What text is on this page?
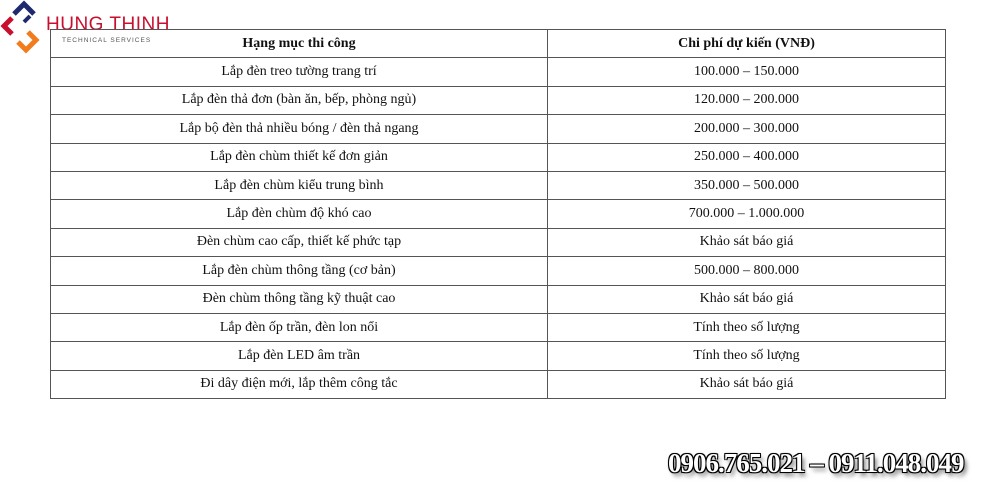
HUNG THINH
TECHNICAL SERVICES	Hạng mục thi công	Chi phí dự kiến (VNĐ)
Lắp đèn treo tường trang trí	100.000 – 150.000
Lắp đèn thả đơn (bàn ăn, bếp, phòng ngủ)	120.000 – 200.000
Lắp bộ đèn thả nhiều bóng / đèn thả ngang	200.000 – 300.000
Lắp đèn chùm thiết kế đơn giản	250.000 – 400.000
Lắp đèn chùm kiểu trung bình	350.000 – 500.000
Lắp đèn chùm độ khó cao	700.000 – 1.000.000
Đèn chùm cao cấp, thiết kế phức tạp	Khảo sát báo giá
Lắp đèn chùm thông tầng (cơ bản)	500.000 – 800.000
Đèn chùm thông tầng kỹ thuật cao	Khảo sát báo giá
Lắp đèn ốp trần, đèn lon nổi	Tính theo số lượng
Lắp đèn LED âm trần	Tính theo số lượng
Đi dây điện mới, lắp thêm công tắc	Khảo sát báo giá
0906.765.021 – 0911.048.049
